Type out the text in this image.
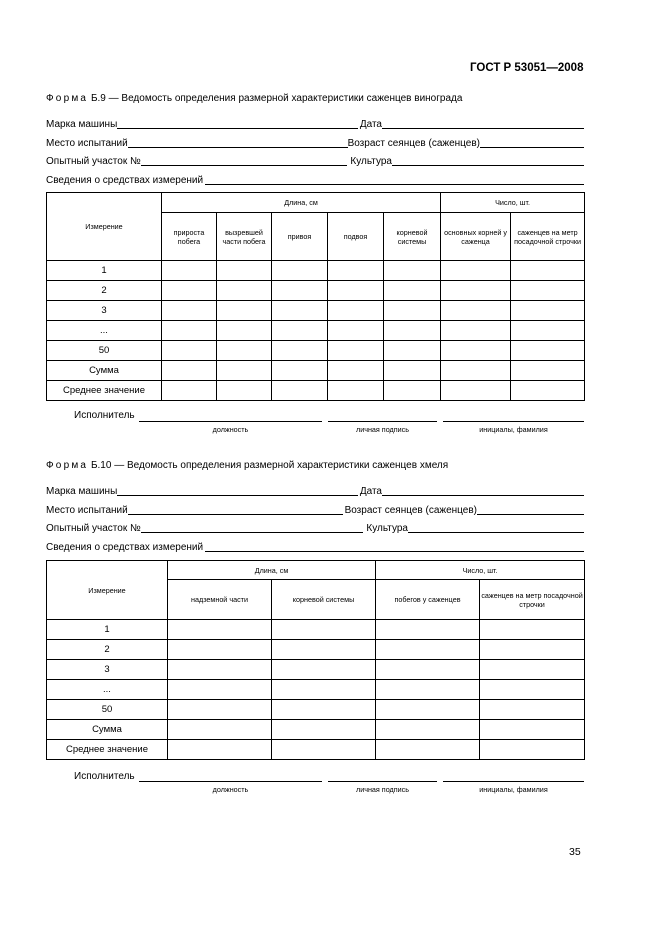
ГОСТ Р 53051—2008
Форма Б.9 — Ведомость определения размерной характеристики саженцев винограда
Марка машины	Дата
Место испытаний	Возраст сеянцев (саженцев)
Опытный участок №	Культура
Сведения о средствах измерений
Измерение	Длина, см					Число, шт.	
	прироста побега	вызревшей части побега	привоя	подвоя	корневой системы	основных корней у саженца	саженцев на метр посадочной строчки
1							
2							
3							
...							
50							
Сумма							
Среднее значение							
Исполнитель
должность	личная подпись	инициалы, фамилия
Форма Б.10 — Ведомость определения размерной характеристики саженцев хмеля
Марка машины	Дата
Место испытаний	Возраст сеянцев (саженцев)
Опытный участок №	Культура
Сведения о средствах измерений
Измерение	Длина, см		Число, шт.	
	надземной части	корневой системы	побегов у саженцев	саженцев на метр посадочной строчки
1				
2				
3				
...				
50				
Сумма				
Среднее значение				
Исполнитель
должность	личная подпись	инициалы, фамилия
35
